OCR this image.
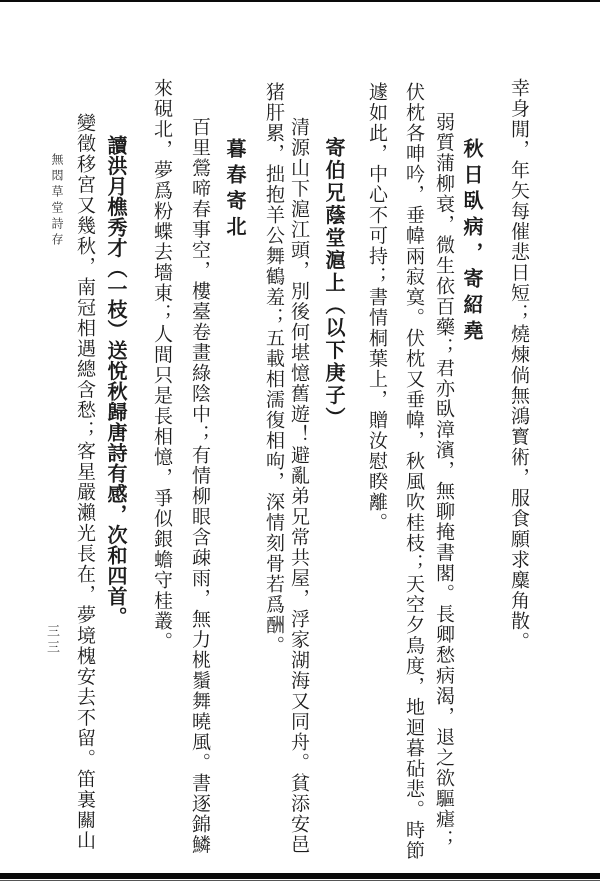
幸身閒，年矢每催悲日短；燒煉倘無鴻寳術，服食願求麋角散。
秋日臥病，寄紹堯
弱質蒲柳衰，微生依百藥；君亦臥漳濱，無聊掩書閣。長卿愁病渴，退之欲驅瘧；
伏枕各呻吟，垂幃兩寂寞。伏枕又垂幃，秋風吹桂枝；天空夕鳥度，地迴暮砧悲。時節
遽如此，中心不可持；書情桐葉上，贈汝慰睽離。
寄伯兄蔭堂滬上（以下庚子）
清源山下滬江頭，別後何堪憶舊遊！避亂弟兄常共屋，浮家湖海又同舟。貧添安邑
猪肝累，拙抱羊公舞鶴羞；五載相濡復相呴，深情刻骨若爲酬。
暮春寄北
百里鶯啼春事空，樓臺卷畫綠陰中；有情柳眼含疎雨，無力桃鬚舞曉風。書逐錦鱗
來硯北，夢爲粉蝶去墻東；人間只是長相憶，爭似銀蟾守桂叢。
讀洪月樵秀才（一枝）送悅秋歸唐詩有感，次和四首。
變徵移宮又幾秋，南冠相遇總含愁；客星嚴瀨光長在，夢境槐安去不留。笛裏關山
無悶草堂詩存
三三
